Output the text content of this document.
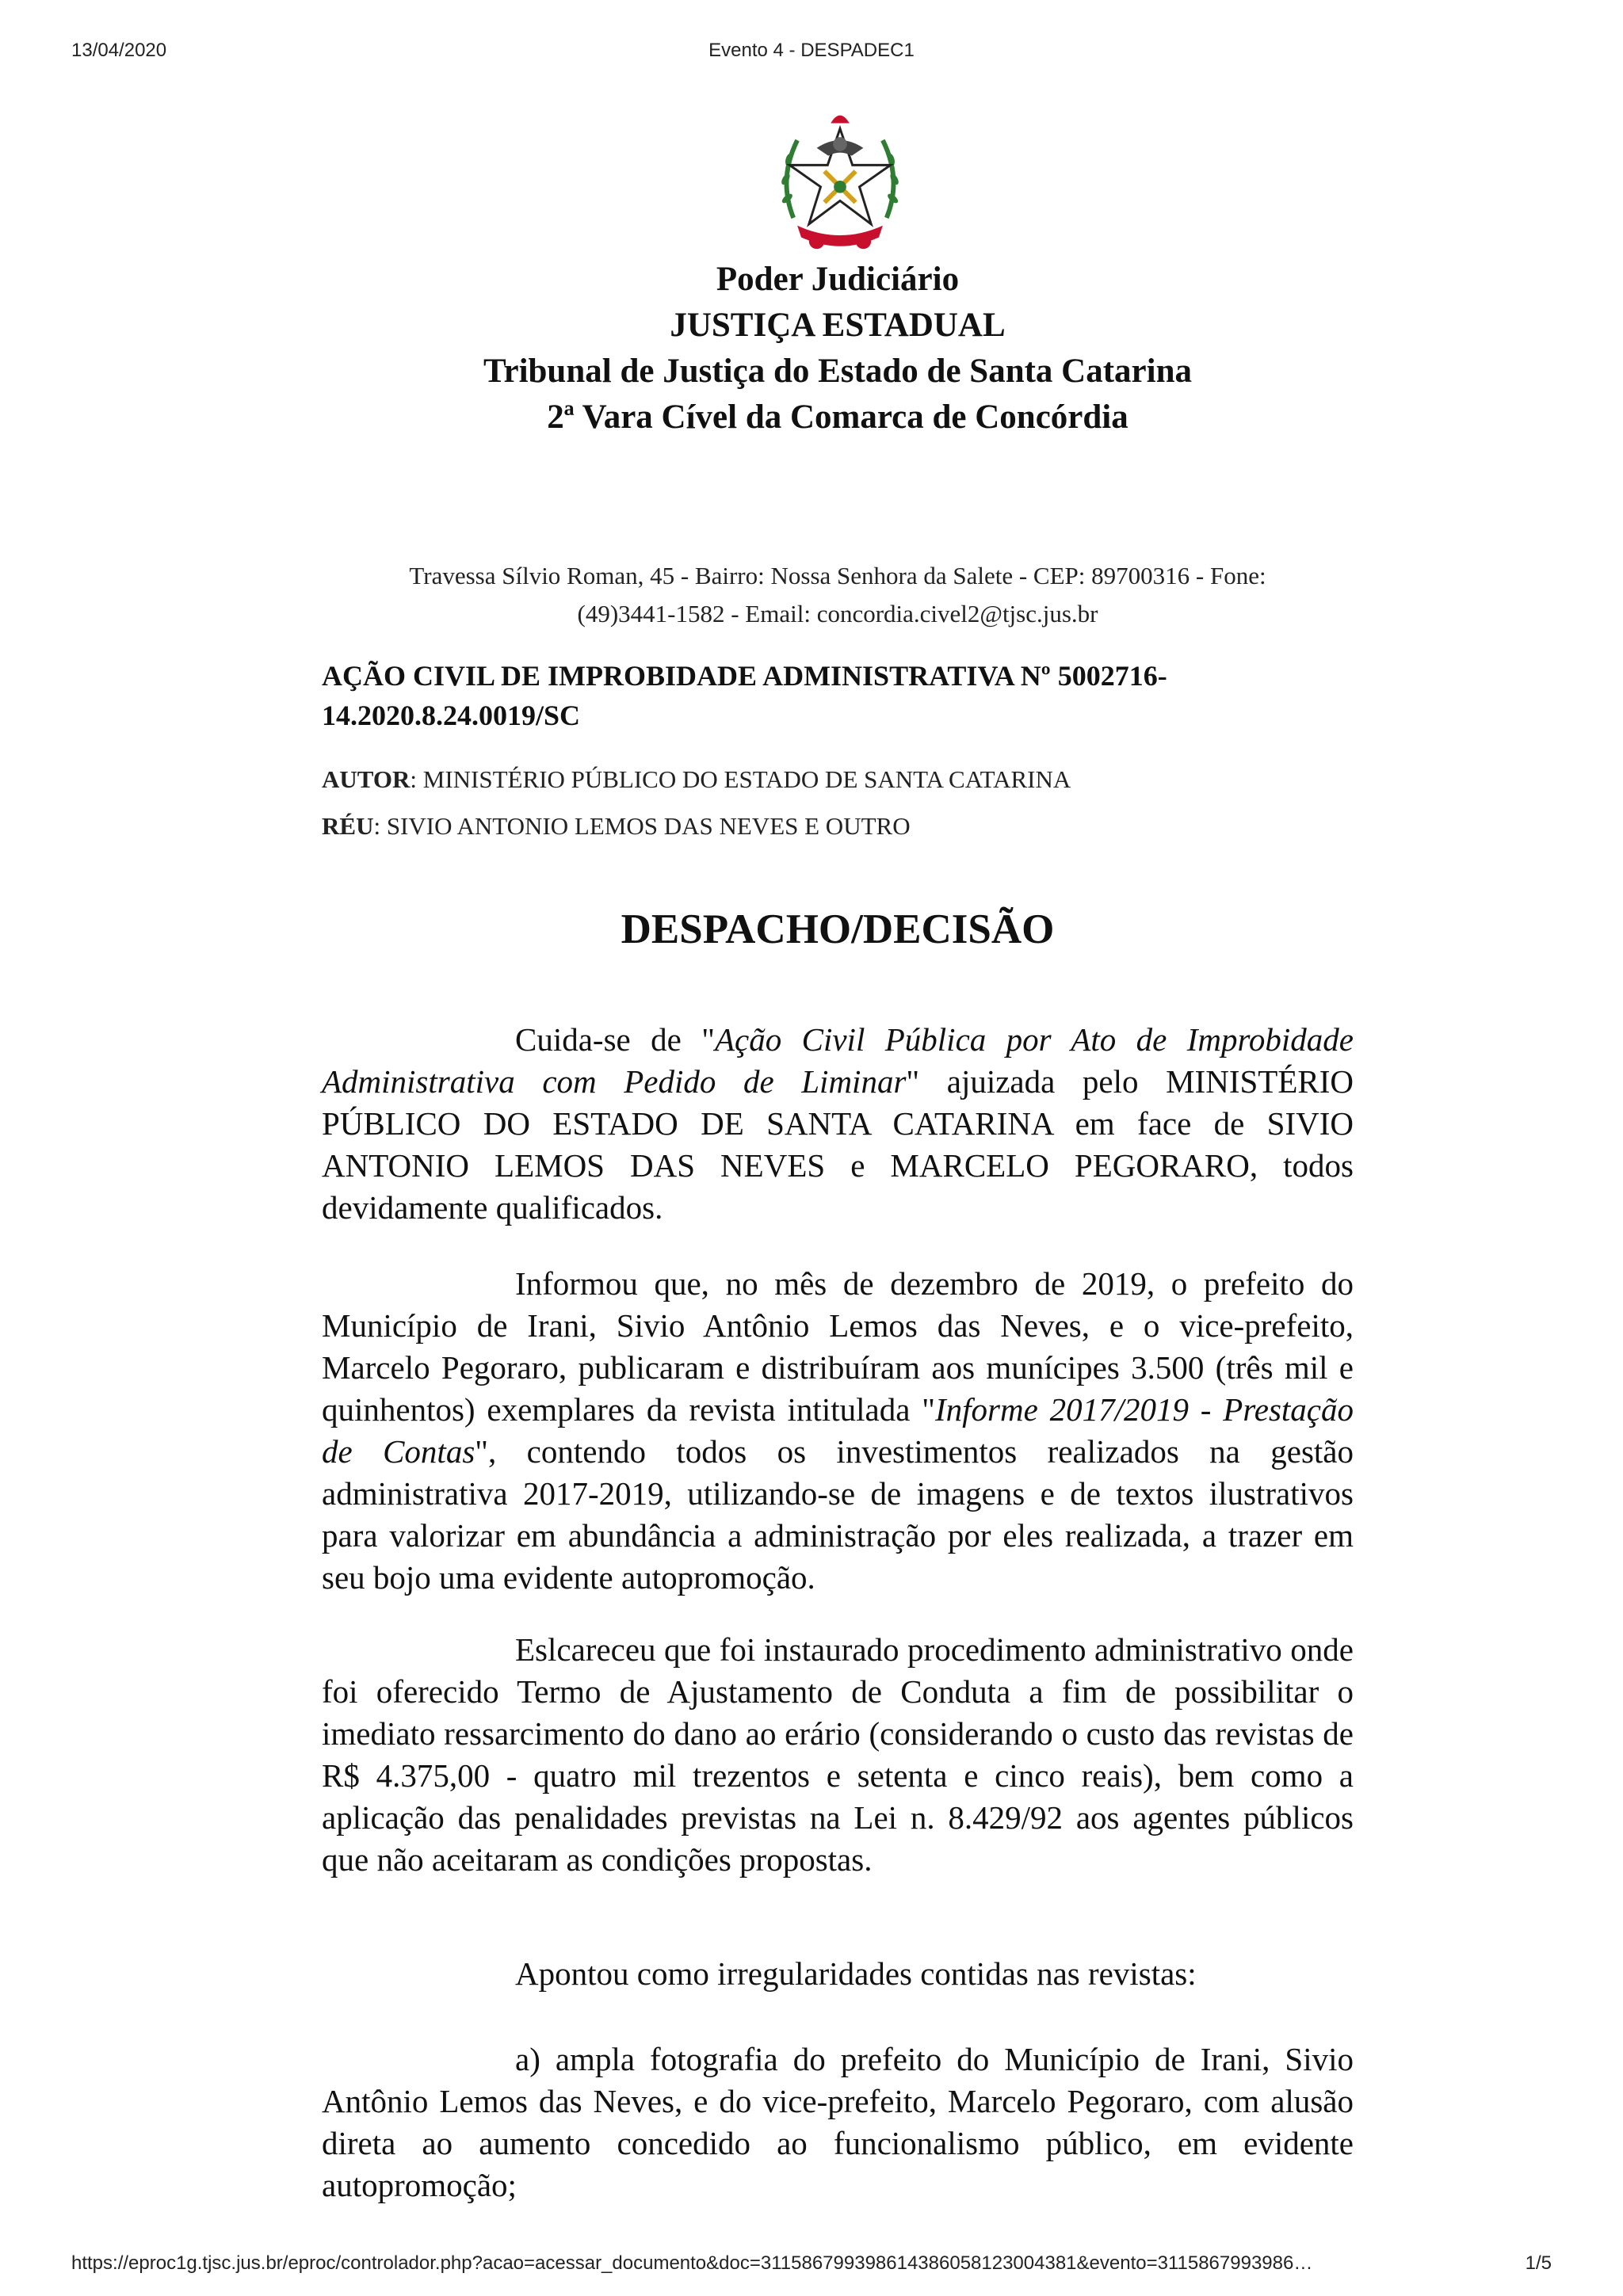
13/04/2020	Evento 4 - DESPADEC1

Poder Judiciário

JUSTIÇA ESTADUAL

Tribunal de Justiça do Estado de Santa Catarina

2ª Vara Cível da Comarca de Concórdia

Travessa Sílvio Roman, 45 - Bairro: Nossa Senhora da Salete - CEP: 89700316 - Fone:
(49)3441-1582 - Email: concordia.civel2@tjsc.jus.br
AÇÃO CIVIL DE IMPROBIDADE ADMINISTRATIVA Nº 5002716-
14.2020.8.24.0019/SC
AUTOR: MINISTÉRIO PÚBLICO DO ESTADO DE SANTA CATARINA
RÉU: SIVIO ANTONIO LEMOS DAS NEVES E OUTRO
DESPACHO/DECISÃO

Cuida-se de "Ação Civil Pública por Ato de Improbidade Administrativa com Pedido de Liminar" ajuizada pelo MINISTÉRIO PÚBLICO DO ESTADO DE SANTA CATARINA em face de SIVIO ANTONIO LEMOS DAS NEVES e MARCELO PEGORARO, todos devidamente qualificados.

Informou que, no mês de dezembro de 2019, o prefeito do Município de Irani, Sivio Antônio Lemos das Neves, e o vice-prefeito, Marcelo Pegoraro, publicaram e distribuíram aos munícipes 3.500 (três mil e quinhentos) exemplares da revista intitulada "Informe 2017/2019 - Prestação de Contas", contendo todos os investimentos realizados na gestão administrativa 2017-2019, utilizando-se de imagens e de textos ilustrativos para valorizar em abundância a administração por eles realizada, a trazer em seu bojo uma evidente autopromoção.

Eslcareceu que foi instaurado procedimento administrativo onde foi oferecido Termo de Ajustamento de Conduta a fim de possibilitar o imediato ressarcimento do dano ao erário (considerando o custo das revistas de R$ 4.375,00 - quatro mil trezentos e setenta e cinco reais), bem como a aplicação das penalidades previstas na Lei n. 8.429/92 aos agentes públicos que não aceitaram as condições propostas.

Apontou como irregularidades contidas nas revistas:

a) ampla fotografia do prefeito do Município de Irani, Sivio Antônio Lemos das Neves, e do vice-prefeito, Marcelo Pegoraro, com alusão direta ao aumento concedido ao funcionalismo público, em evidente autopromoção;

https://eproc1g.tjsc.jus.br/eproc/controlador.php?acao=acessar_documento&doc=311586799398614386058123004381&evento=3115867993986…	1/5
